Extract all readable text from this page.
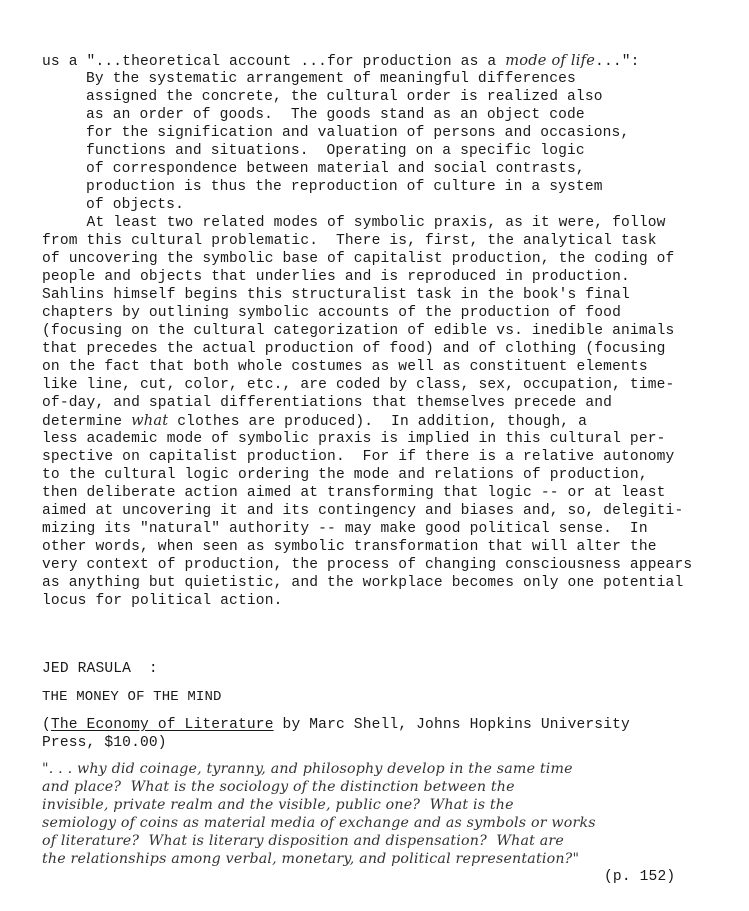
us a "...theoretical account ...for production as a mode of life...":
By the systematic arrangement of meaningful differences
assigned the concrete, the cultural order is realized also
as an order of goods.  The goods stand as an object code
for the signification and valuation of persons and occasions,
functions and situations.  Operating on a specific logic
of correspondence between material and social contrasts,
production is thus the reproduction of culture in a system
of objects.
At least two related modes of symbolic praxis, as it were, follow
from this cultural problematic.  There is, first, the analytical task
of uncovering the symbolic base of capitalist production, the coding of
people and objects that underlies and is reproduced in production.
Sahlins himself begins this structuralist task in the book's final
chapters by outlining symbolic accounts of the production of food
(focusing on the cultural categorization of edible vs. inedible animals
that precedes the actual production of food) and of clothing (focusing
on the fact that both whole costumes as well as constituent elements
like line, cut, color, etc., are coded by class, sex, occupation, time-
of-day, and spatial differentiations that themselves precede and
determine what clothes are produced).  In addition, though, a
less academic mode of symbolic praxis is implied in this cultural per-
spective on capitalist production.  For if there is a relative autonomy
to the cultural logic ordering the mode and relations of production,
then deliberate action aimed at transforming that logic -- or at least
aimed at uncovering it and its contingency and biases and, so, delegiti-
mizing its "natural" authority -- may make good political sense.  In
other words, when seen as symbolic transformation that will alter the
very context of production, the process of changing consciousness appears
as anything but quietistic, and the workplace becomes only one potential
locus for political action.
JED RASULA  :
THE MONEY OF THE MIND
(The Economy of Literature by Marc Shell, Johns Hopkins University
Press, $10.00)
". . . why did coinage, tyranny, and philosophy develop in the same time
and place?  What is the sociology of the distinction between the
invisible, private realm and the visible, public one?  What is the
semiology of coins as material media of exchange and as symbols or works
of literature?  What is literary disposition and dispensation?  What are
the relationships among verbal, monetary, and political representation?"
(p. 152)
